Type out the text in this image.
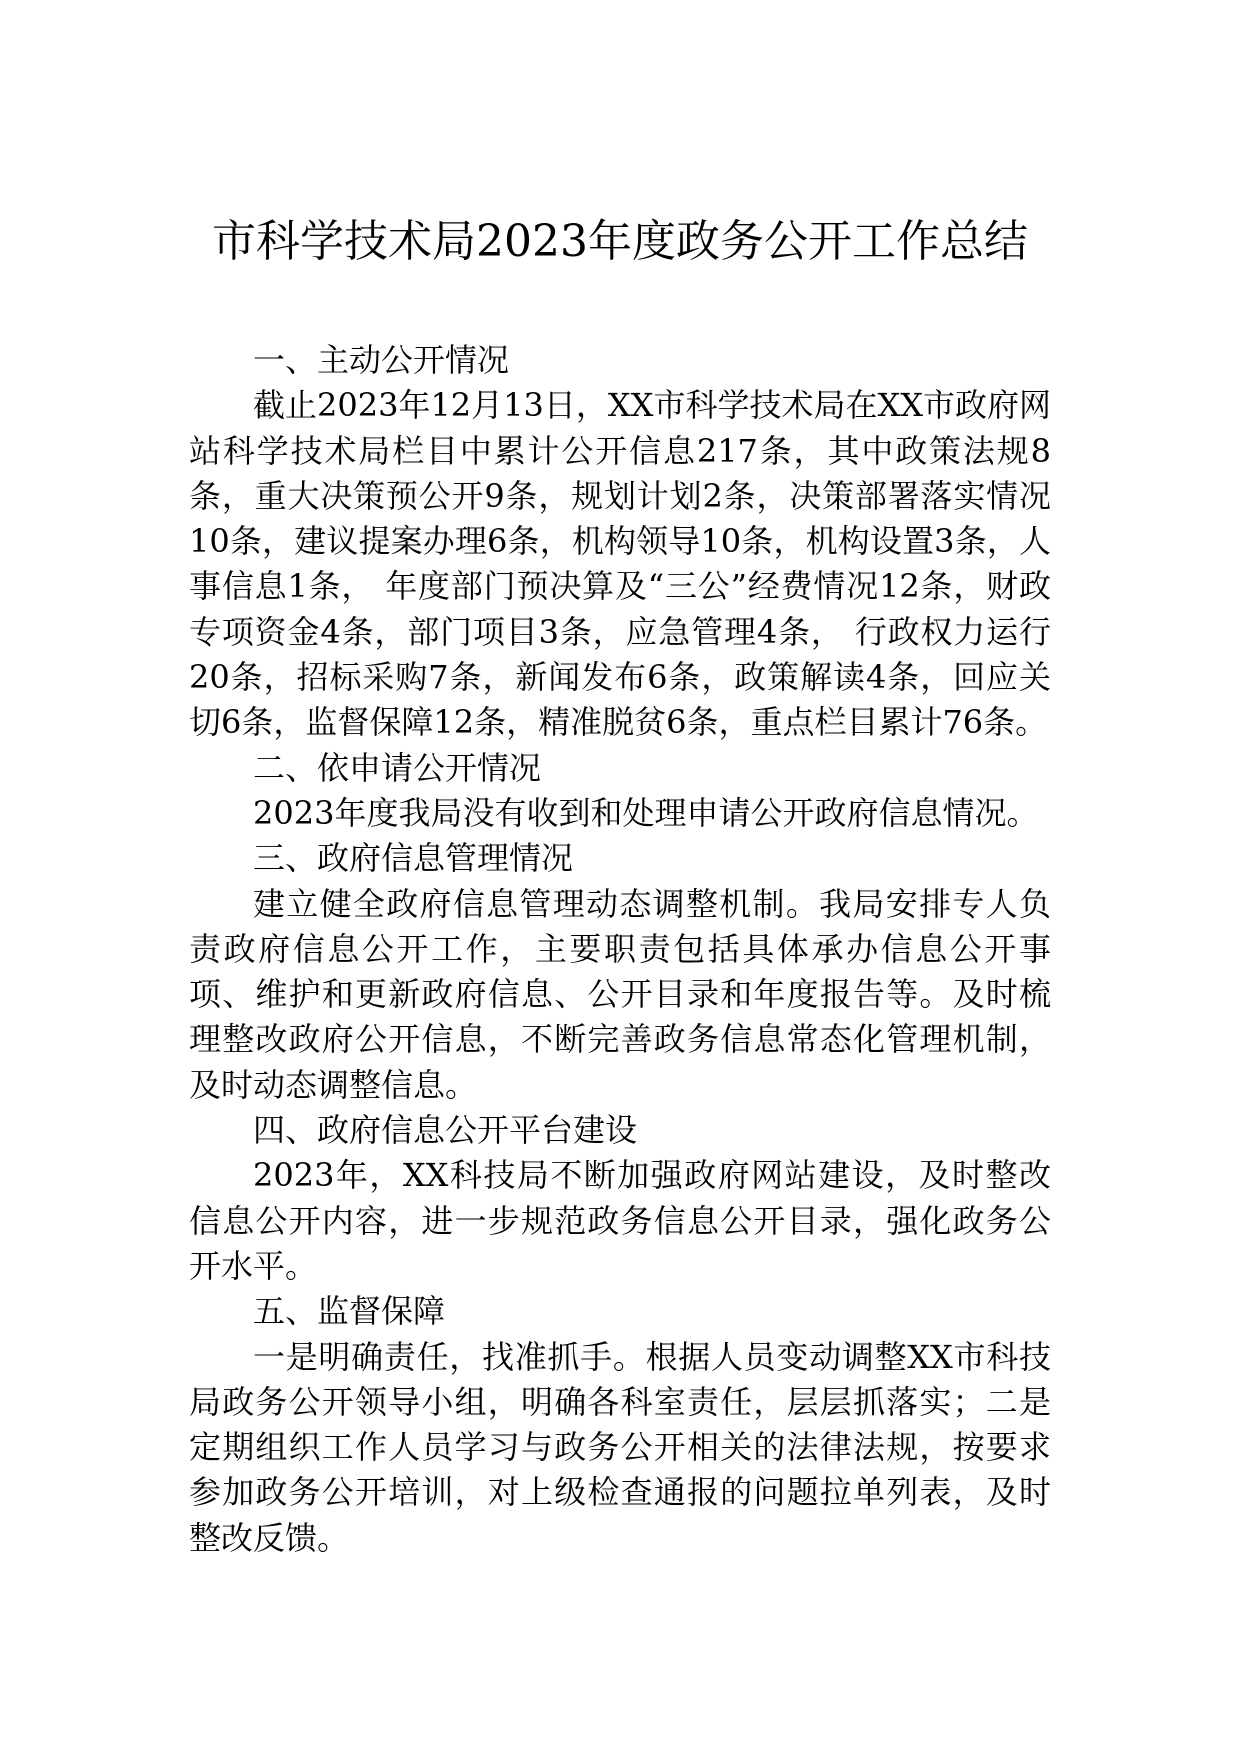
市科学技术局2023年度政务公开工作总结

一、主动公开情况

截止2023年12月13日，XX市科学技术局在XX市政府网站科学技术局栏目中累计公开信息217条，其中政策法规8条，重大决策预公开9条，规划计划2条，决策部署落实情况10条，建议提案办理6条，机构领导10条，机构设置3条，人事信息1条， 年度部门预决算及“三公”经费情况12条，财政专项资金4条，部门项目3条，应急管理4条， 行政权力运行20条，招标采购7条，新闻发布6条，政策解读4条，回应关切6条，监督保障12条，精准脱贫6条，重点栏目累计76条。

二、依申请公开情况

2023年度我局没有收到和处理申请公开政府信息情况。

三、政府信息管理情况

建立健全政府信息管理动态调整机制。我局安排专人负责政府信息公开工作，主要职责包括具体承办信息公开事项、维护和更新政府信息、公开目录和年度报告等。及时梳理整改政府公开信息，不断完善政务信息常态化管理机制，及时动态调整信息。

四、政府信息公开平台建设

2023年，XX科技局不断加强政府网站建设，及时整改信息公开内容，进一步规范政务信息公开目录，强化政务公开水平。

五、监督保障

一是明确责任，找准抓手。根据人员变动调整XX市科技局政务公开领导小组，明确各科室责任，层层抓落实；二是定期组织工作人员学习与政务公开相关的法律法规，按要求参加政务公开培训，对上级检查通报的问题拉单列表，及时整改反馈。
